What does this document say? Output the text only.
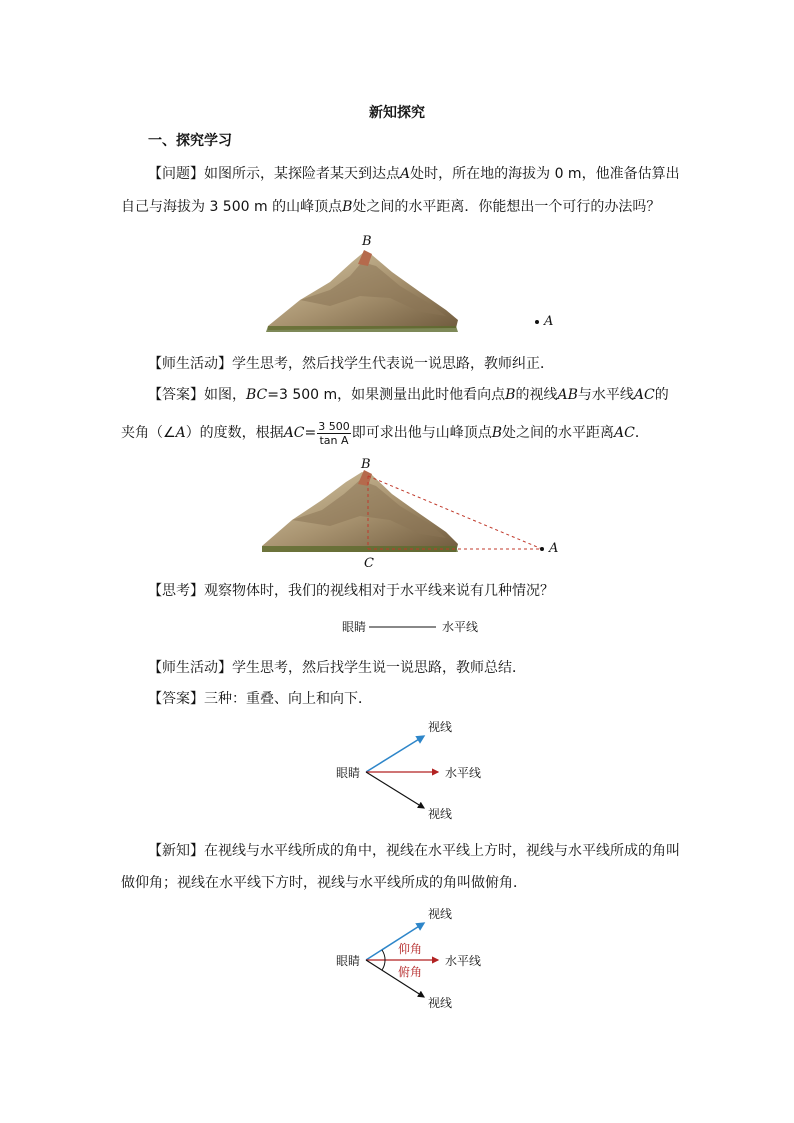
新知探究
一、探究学习
【问题】如图所示，某探险者某天到达点A处时，所在地的海拔为 0 m，他准备估算出
自己与海拔为 3 500 m 的山峰顶点B处之间的水平距离．你能想出一个可行的办法吗？
B
A
【师生活动】学生思考，然后找学生代表说一说思路，教师纠正．
【答案】如图，BC=3 500 m，如果测量出此时他看向点B的视线AB与水平线AC的
夹角（∠A）的度数，根据$AC= \frac{3 500}{\text{tan A}}$ 即可求出他与山峰顶点B处之间的水平距离AC．
B
C
A
【思考】观察物体时，我们的视线相对于水平线来说有几种情况？
眼睛	水平线
【师生活动】学生思考，然后找学生说一说思路，教师总结．
【答案】三种：重叠、向上和向下．
眼睛
视线
水平线
视线
【新知】在视线与水平线所成的角中，视线在水平线上方时，视线与水平线所成的角叫
做仰角；视线在水平线下方时，视线与水平线所成的角叫做俯角．
眼睛
视线
仰角
水平线
俯角
视线
